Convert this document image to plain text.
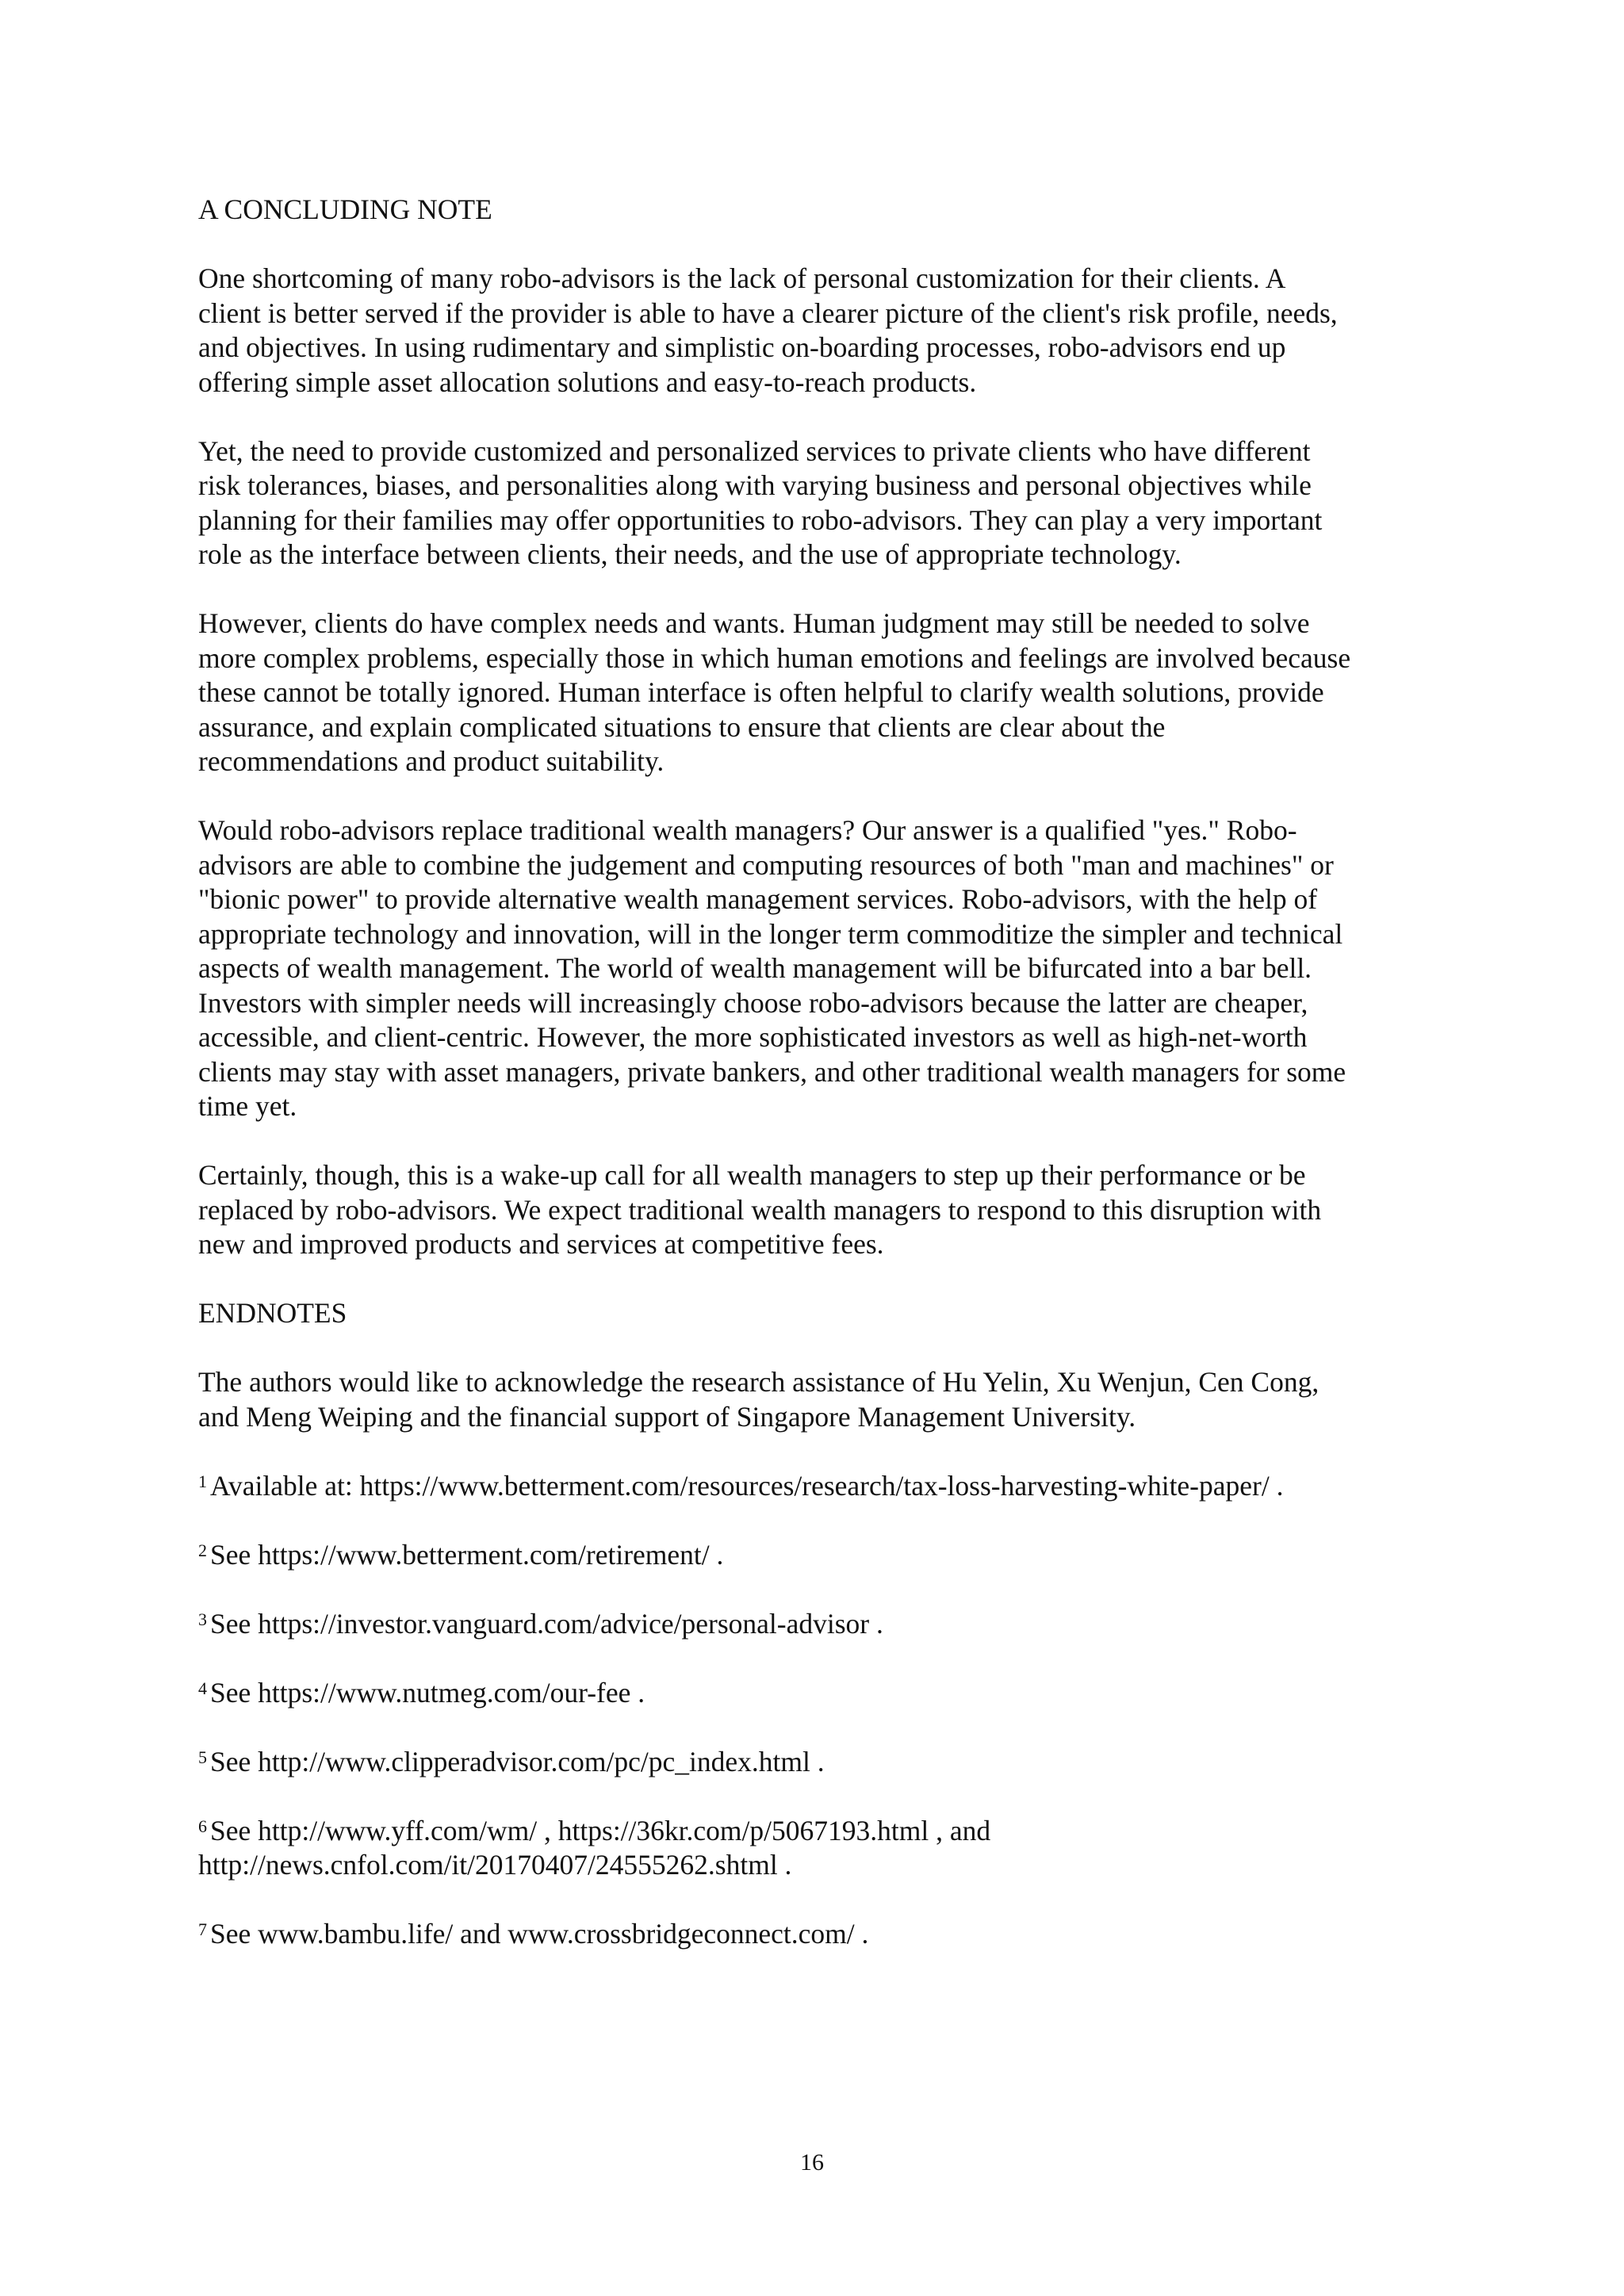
A CONCLUDING NOTE

One shortcoming of many robo-advisors is the lack of personal customization for their clients. A
client is better served if the provider is able to have a clearer picture of the client's risk profile, needs,
and objectives. In using rudimentary and simplistic on-boarding processes, robo-advisors end up
offering simple asset allocation solutions and easy-to-reach products.

Yet, the need to provide customized and personalized services to private clients who have different
risk tolerances, biases, and personalities along with varying business and personal objectives while
planning for their families may offer opportunities to robo-advisors. They can play a very important
role as the interface between clients, their needs, and the use of appropriate technology.

However, clients do have complex needs and wants. Human judgment may still be needed to solve
more complex problems, especially those in which human emotions and feelings are involved because
these cannot be totally ignored. Human interface is often helpful to clarify wealth solutions, provide
assurance, and explain complicated situations to ensure that clients are clear about the
recommendations and product suitability.

Would robo-advisors replace traditional wealth managers? Our answer is a qualified "yes." Robo-
advisors are able to combine the judgement and computing resources of both "man and machines" or
"bionic power" to provide alternative wealth management services. Robo-advisors, with the help of
appropriate technology and innovation, will in the longer term commoditize the simpler and technical
aspects of wealth management. The world of wealth management will be bifurcated into a bar bell.
Investors with simpler needs will increasingly choose robo-advisors because the latter are cheaper,
accessible, and client-centric. However, the more sophisticated investors as well as high-net-worth
clients may stay with asset managers, private bankers, and other traditional wealth managers for some
time yet.

Certainly, though, this is a wake-up call for all wealth managers to step up their performance or be
replaced by robo-advisors. We expect traditional wealth managers to respond to this disruption with
new and improved products and services at competitive fees.

ENDNOTES

The authors would like to acknowledge the research assistance of Hu Yelin, Xu Wenjun, Cen Cong,
and Meng Weiping and the financial support of Singapore Management University.

$^1$ Available at: https://www.betterment.com/resources/research/tax-loss-harvesting-white-paper/ .

$^2$ See https://www.betterment.com/retirement/ .

$^3$ See https://investor.vanguard.com/advice/personal-advisor .

$^4$ See https://www.nutmeg.com/our-fee .

$^5$ See http://www.clipperadvisor.com/pc/pc_index.html .

$^6$ See http://www.yff.com/wm/ , https://36kr.com/p/5067193.html , and
http://news.cnfol.com/it/20170407/24555262.shtml .

$^7$ See www.bambu.life/ and www.crossbridgeconnect.com/ .

16
